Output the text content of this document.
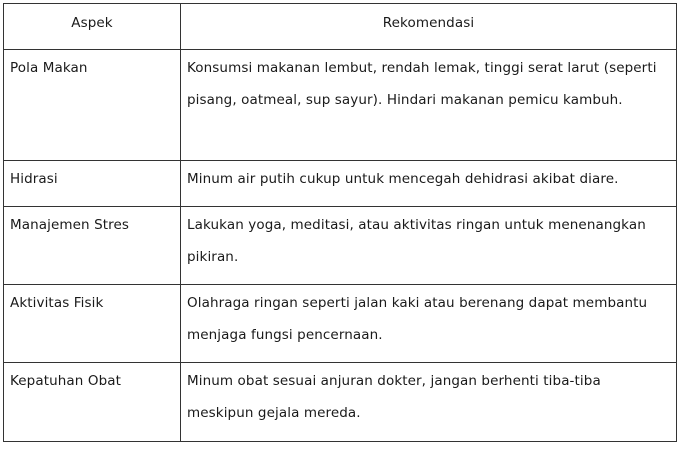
Aspek	Rekomendasi
Pola Makan	Konsumsi makanan lembut, rendah lemak, tinggi serat larut (seperti pisang, oatmeal, sup sayur). Hindari makanan pemicu kambuh.
Hidrasi	Minum air putih cukup untuk mencegah dehidrasi akibat diare.
Manajemen Stres	Lakukan yoga, meditasi, atau aktivitas ringan untuk menenangkan pikiran.
Aktivitas Fisik	Olahraga ringan seperti jalan kaki atau berenang dapat membantu menjaga fungsi pencernaan.
Kepatuhan Obat	Minum obat sesuai anjuran dokter, jangan berhenti tiba-tiba meskipun gejala mereda.
